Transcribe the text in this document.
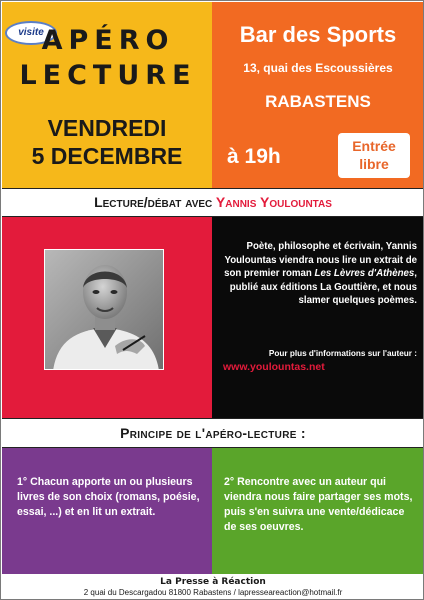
visite
APÉRO
LECTURE
VENDREDI
5 DECEMBRE
Bar des Sports
13, quai des Escoussières
RABASTENS
à 19h	Entrée
libre
Lecture/débat avec Yannis Youlountas
Poète, philosophe et écrivain, Yannis Youlountas viendra nous lire un extrait de son premier roman Les Lèvres d'Athènes, publié aux éditions La Gouttière, et nous slamer quelques poèmes.
Pour plus d'informations sur l'auteur :
www.youlountas.net
Principe de l'apéro-lecture :
1° Chacun apporte un ou plusieurs livres de son choix (romans, poésie, essai, ...) et en lit un extrait.
2° Rencontre avec un auteur qui viendra nous faire partager ses mots, puis s'en suivra une vente/dédicace de ses oeuvres.
La Presse à Réaction
2 quai du Descargadou 81800 Rabastens / lapresseareaction@hotmail.fr
